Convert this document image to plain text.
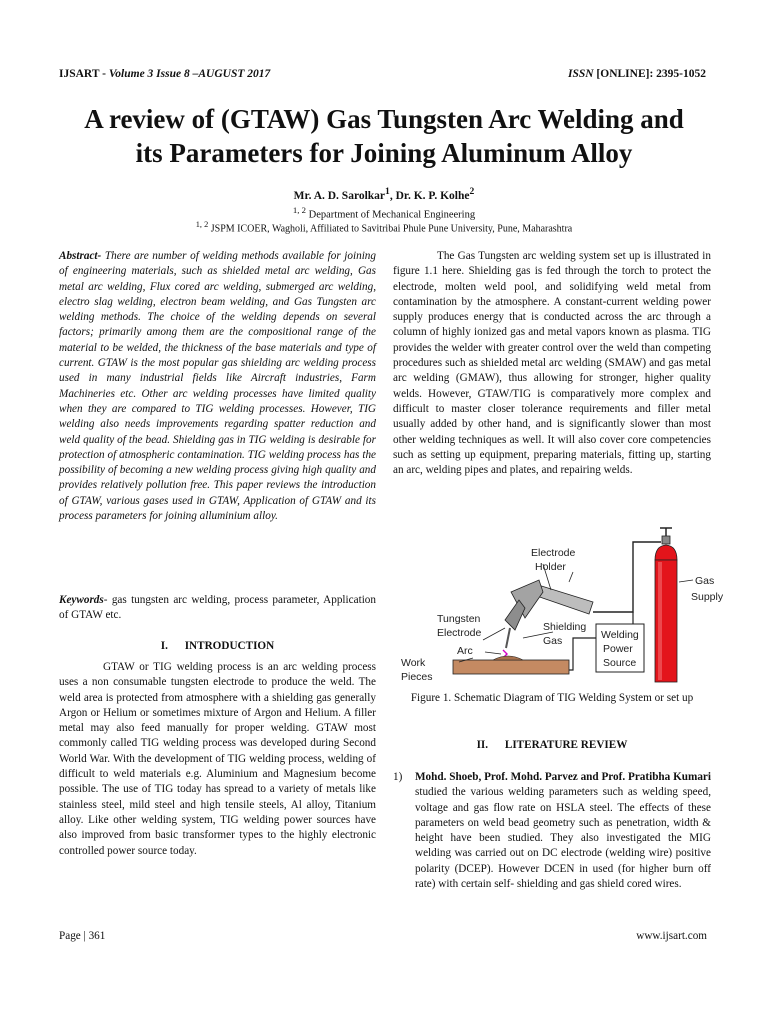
IJSART - Volume 3 Issue 8 –AUGUST 2017	ISSN [ONLINE]: 2395-1052
A review of (GTAW) Gas Tungsten Arc Welding and
its Parameters for Joining Aluminum Alloy
Mr. A. D. Sarolkar$^1$, Dr. K. P. Kolhe$^2$
$^{1, 2}$ Department of Mechanical Engineering
$^{1, 2}$ JSPM ICOER, Wagholi, Affiliated to Savitribai Phule Pune University, Pune, Maharashtra
Abstract- There are number of welding methods available for joining of engineering materials, such as shielded metal arc welding, Gas metal arc welding, Flux cored arc welding, submerged arc welding, electro slag welding, electron beam welding, and Gas Tungsten arc welding methods. The choice of the welding depends on several factors; primarily among them are the compositional range of the material to be welded, the thickness of the base materials and type of current. GTAW is the most popular gas shielding arc welding process used in many industrial fields like Aircraft industries, Farm Machineries etc. Other arc welding processes have limited quality when they are compared to TIG welding processes. However, TIG welding also needs improvements regarding spatter reduction and weld quality of the bead. Shielding gas in TIG welding is desirable for protection of atmospheric contamination. TIG welding process has the possibility of becoming a new welding process giving high quality and provides relatively pollution free. This paper reviews the introduction of GTAW, various gases used in GTAW, Application of GTAW and its process parameters for joining alluminium alloy.
Keywords- gas tungsten arc welding, process parameter, Application of GTAW etc.
I. INTRODUCTION
GTAW or TIG welding process is an arc welding process uses a non consumable tungsten electrode to produce the weld. The weld area is protected from atmosphere with a shielding gas generally Argon or Helium or sometimes mixture of Argon and Helium. A filler metal may also feed manually for proper welding. GTAW most commonly called TIG welding process was developed during Second World War. With the development of TIG welding process, welding of difficult to weld materials e.g. Aluminium and Magnesium become possible. The use of TIG today has spread to a variety of metals like stainless steel, mild steel and high tensile steels, Al alloy, Titanium alloy. Like other welding system, TIG welding power sources have also improved from basic transformer types to the highly electronic controlled power source today.
The Gas Tungsten arc welding system set up is illustrated in figure 1.1 here. Shielding gas is fed through the torch to protect the electrode, molten weld pool, and solidifying weld metal from contamination by the atmosphere. A constant-current welding power supply produces energy that is conducted across the arc through a column of highly ionized gas and metal vapors known as plasma. TIG provides the welder with greater control over the weld than competing procedures such as shielded metal arc welding (SMAW) and gas metal arc welding (GMAW), thus allowing for stronger, higher quality welds. However, GTAW/TIG is comparatively more complex and difficult to master closer tolerance requirements and filler metal usually added by other hand, and is significantly slower than most other welding techniques as well. It will also cover core competencies such as setting up equipment, preparing materials, fitting up, starting an arc, welding pipes and plates, and repairing welds.
Electrode
Holder
Gas
Supply
Tungsten
Electrode	Shielding
Gas	Welding
Power
Source
Arc
Work
Pieces
Figure 1. Schematic Diagram of TIG Welding System or set up
II. LITERATURE REVIEW
1) Mohd. Shoeb, Prof. Mohd. Parvez and Prof. Pratibha Kumari studied the various welding parameters such as welding speed, voltage and gas flow rate on HSLA steel. The effects of these parameters on weld bead geometry such as penetration, width & height have been studied. They also investigated the MIG welding was carried out on DC electrode (welding wire) positive polarity (DCEP). However DCEN in used (for higher burn off rate) with certain self- shielding and gas shield cored wires.
Page | 361	www.ijsart.com
